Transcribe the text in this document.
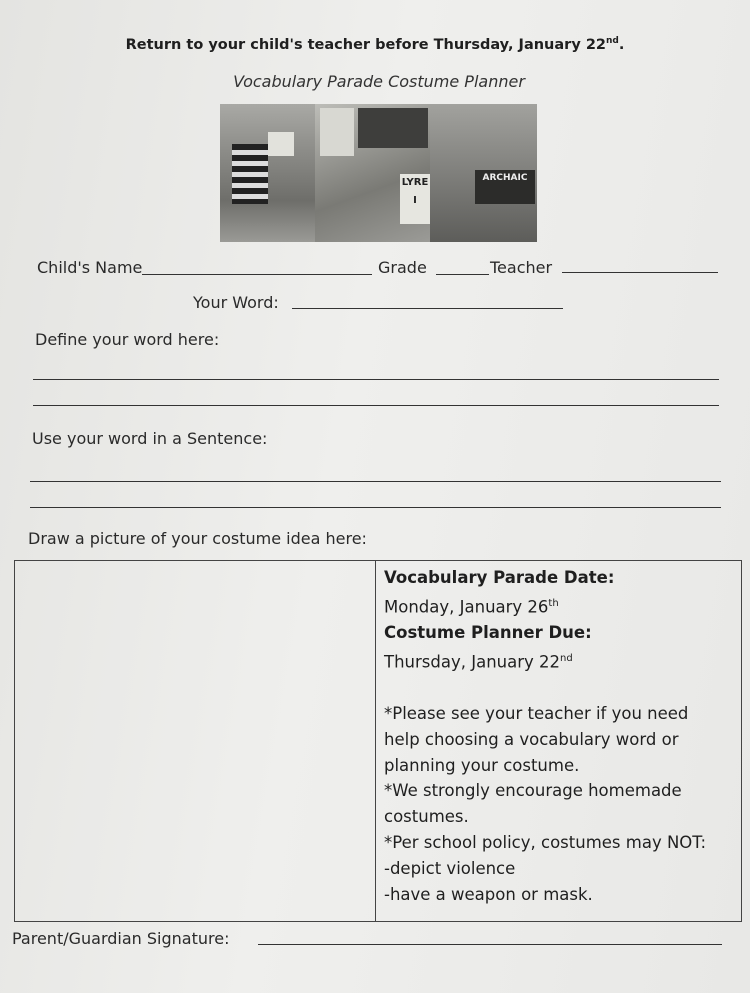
Return to your child's teacher before Thursday, January 22nd.
Vocabulary Parade Costume Planner
LYRE
I
ARCHAIC
Child's Name	Grade	Teacher
Your Word:
Define your word here:
Use your word in a Sentence:
Draw a picture of your costume idea here:
Vocabulary Parade Date:
Monday, January 26th
Costume Planner Due:
Thursday, January 22nd

*Please see your teacher if you need
help choosing a vocabulary word or
planning your costume.
*We strongly encourage homemade
costumes.
*Per school policy, costumes may NOT:
-depict violence
-have a weapon or mask.
Parent/Guardian Signature:
